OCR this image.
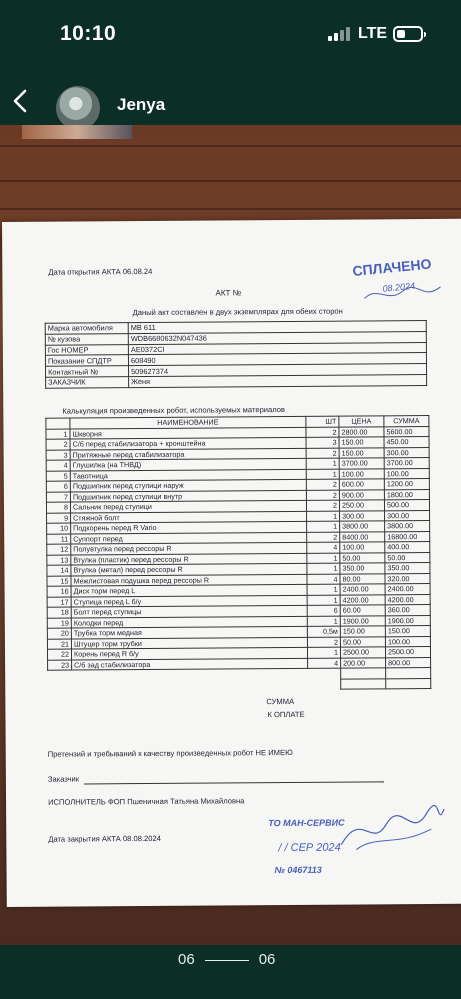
10:10	LTE
Jenya
Дата открытия АКТА 06.08.24	СПЛАЧЕНО
08.2024
АКТ №
Даный акт составлен в двух экземплярах для обеих сторон
Марка автомобиля	MB 611
№ кузова	WDB6680632N047436
Гос НОМЕР	AE0372CI
Показание СПДТР	608490
Контактный №	509627374
ЗАКАЗЧИК	Женя
Калькуляция произведенных робот, используемых материалов
	НАИМЕНОВАНИЕ	ШТ	ЦЕНА	СУММА
1	Шкворня	2	2800.00	5600.00
2	С/б перед стабилизатора + кронштейна	3	150.00	450.00
3	Притяжные перед стабилизатора	2	150.00	300.00
4	Глушилка (на ТНВД)	1	3700.00	3700.00
5	Тавотница	1	100.00	100.00
6	Подшипник перед ступици наруж	2	600.00	1200.00
7	Подшипник перед ступици внутр	2	900.00	1800.00
8	Сальник перед ступици	2	250.00	500.00
9	Стяжной болт	1	300.00	300.00
10	Подкорень перед R Vario	1	3800.00	3800.00
11	Суппорт перед	2	8400.00	16800.00
12	Полувтулка перед рессоры R	4	100.00	400.00
13	Втулка (пластик) перед рессоры R	1	50.00	50.00
14	Втулка (метал) перед рессоры R	1	350.00	350.00
15	Межлистовая подушка перед рессоры R	4	80.00	320.00
16	Диск торм перед L	1	2400.00	2400.00
17	Ступица перед L б/у	1	4200.00	4200.00
18	Болт перед ступицы	6	60.00	360.00
19	Колодки перед	1	1900.00	1900.00
20	Трубка торм медная	0,5м	150.00	150.00
21	Штуцер торм трубки	2	50.00	100.00
22	Корень перед R б/у	1	2500.00	2500.00
23	С/б зад стабилизатора	4	200.00	800.00

СУММА
К ОПЛАТЕ
Претензий и требываний к качеству произведенных робот НЕ ИМЕЮ
Заказчик
ИСПОЛНИТЕЛЬ ФОП Пшеничная Татьяна Михайловна
Дата закрытия АКТА 08.08.2024
ТО МАН-СЕРВИС
/ / СЕР 2024
№ 0467113
06	06
